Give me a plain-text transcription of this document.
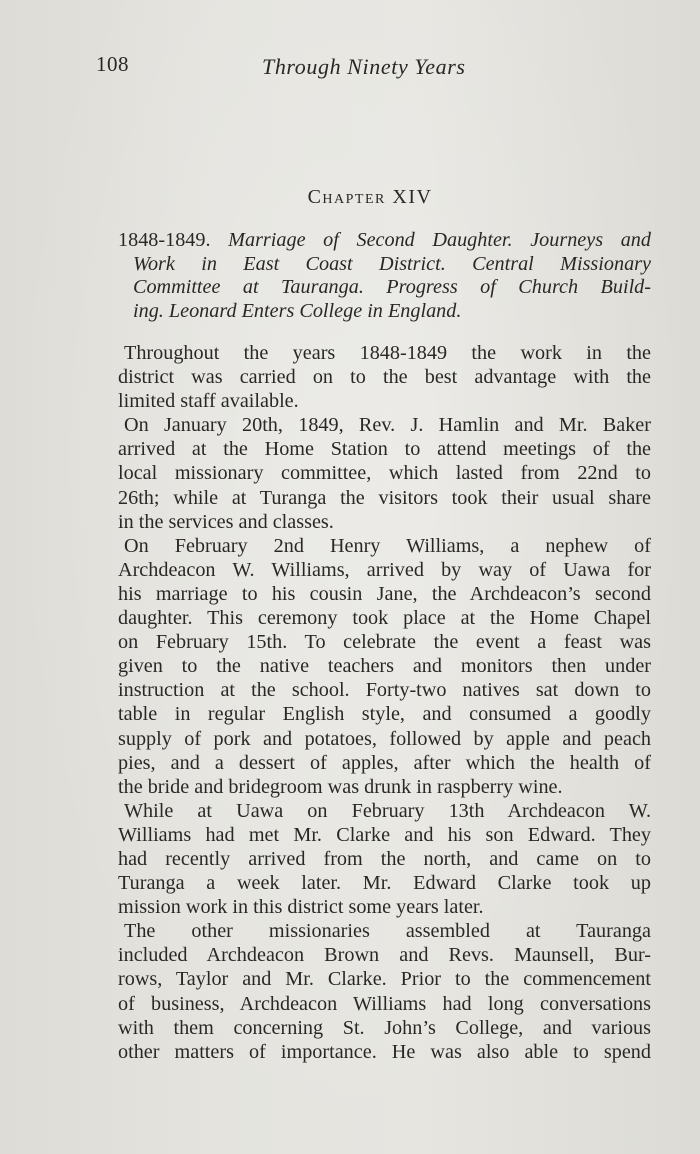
108	Through Ninety Years
Chapter XIV
1848-1849. Marriage of Second Daughter. Journeys and
Work in East Coast District. Central Missionary
Committee at Tauranga. Progress of Church Build-
ing. Leonard Enters College in England.
Throughout the years 1848-1849 the work in the
district was carried on to the best advantage with the
limited staff available.
On January 20th, 1849, Rev. J. Hamlin and Mr. Baker
arrived at the Home Station to attend meetings of the
local missionary committee, which lasted from 22nd to
26th; while at Turanga the visitors took their usual share
in the services and classes.
On February 2nd Henry Williams, a nephew of
Archdeacon W. Williams, arrived by way of Uawa for
his marriage to his cousin Jane, the Archdeacon’s second
daughter. This ceremony took place at the Home Chapel
on February 15th. To celebrate the event a feast was
given to the native teachers and monitors then under
instruction at the school. Forty-two natives sat down to
table in regular English style, and consumed a goodly
supply of pork and potatoes, followed by apple and peach
pies, and a dessert of apples, after which the health of
the bride and bridegroom was drunk in raspberry wine.
While at Uawa on February 13th Archdeacon W.
Williams had met Mr. Clarke and his son Edward. They
had recently arrived from the north, and came on to
Turanga a week later. Mr. Edward Clarke took up
mission work in this district some years later.
The other missionaries assembled at Tauranga
included Archdeacon Brown and Revs. Maunsell, Bur-
rows, Taylor and Mr. Clarke. Prior to the commencement
of business, Archdeacon Williams had long conversations
with them concerning St. John’s College, and various
other matters of importance. He was also able to spend
